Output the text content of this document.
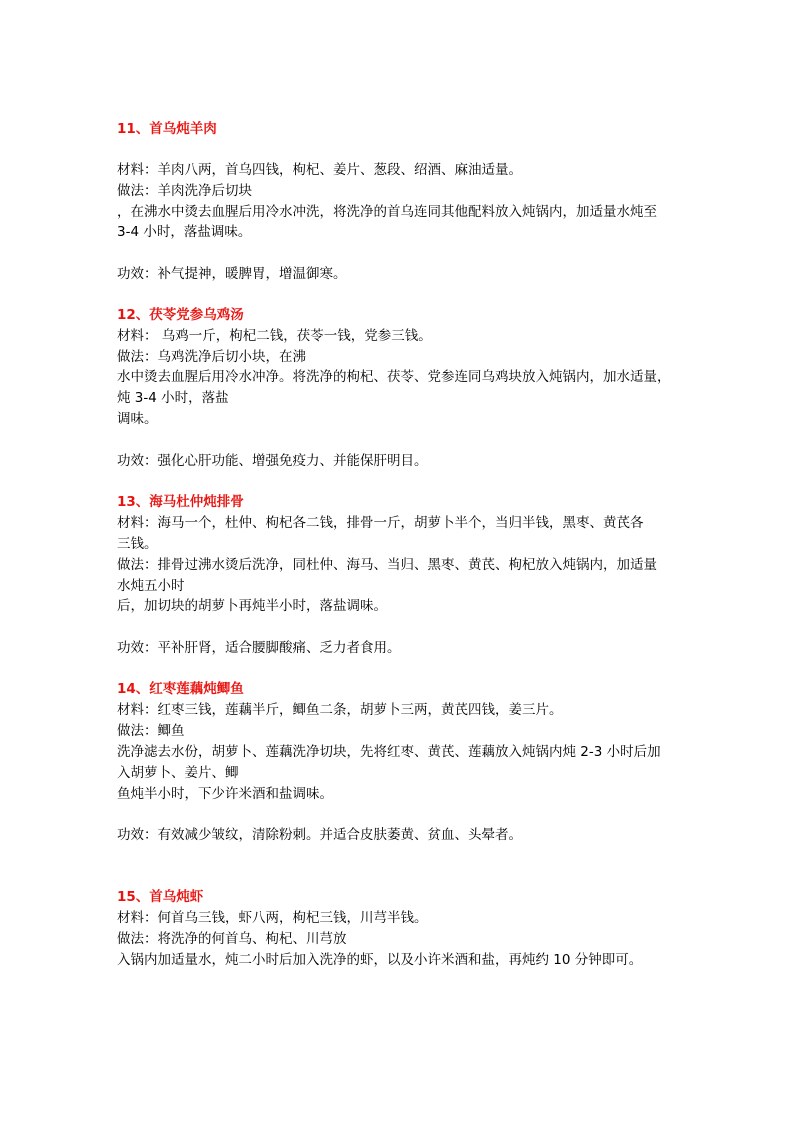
11、首乌炖羊肉
材料：羊肉八两，首乌四钱，枸杞、姜片、葱段、绍酒、麻油适量。
做法：羊肉洗净后切块
，在沸水中烫去血腥后用冷水冲洗，将洗净的首乌连同其他配料放入炖锅内，加适量水炖至
3-4 小时，落盐调味。
功效：补气提神，暖脾胃，增温御寒。
12、茯苓党参乌鸡汤
材料： 乌鸡一斤，枸杞二钱，茯苓一钱，党参三钱。
做法：乌鸡洗净后切小块，在沸
水中烫去血腥后用冷水冲净。将洗净的枸杞、茯苓、党参连同乌鸡块放入炖锅内，加水适量，
炖 3-4 小时，落盐
调味。
功效：强化心肝功能、增强免疫力、并能保肝明目。
13、海马杜仲炖排骨
材料：海马一个，杜仲、枸杞各二钱，排骨一斤，胡萝卜半个，当归半钱，黑枣、黄芪各
三钱。
做法：排骨过沸水烫后洗净，同杜仲、海马、当归、黑枣、黄芪、枸杞放入炖锅内，加适量
水炖五小时
后，加切块的胡萝卜再炖半小时，落盐调味。
功效：平补肝肾，适合腰脚酸痛、乏力者食用。
14、红枣莲藕炖鲫鱼
材料：红枣三钱，莲藕半斤，鲫鱼二条，胡萝卜三两，黄芪四钱，姜三片。
做法：鲫鱼
洗净滤去水份，胡萝卜、莲藕洗净切块，先将红枣、黄芪、莲藕放入炖锅内炖 2-3 小时后加
入胡萝卜、姜片、鲫
鱼炖半小时，下少许米酒和盐调味。
功效：有效减少皱纹，清除粉刺。并适合皮肤萎黄、贫血、头晕者。
15、首乌炖虾
材料：何首乌三钱，虾八两，枸杞三钱，川芎半钱。
做法：将洗净的何首乌、枸杞、川芎放
入锅内加适量水，炖二小时后加入洗净的虾，以及小许米酒和盐，再炖约 10 分钟即可。
